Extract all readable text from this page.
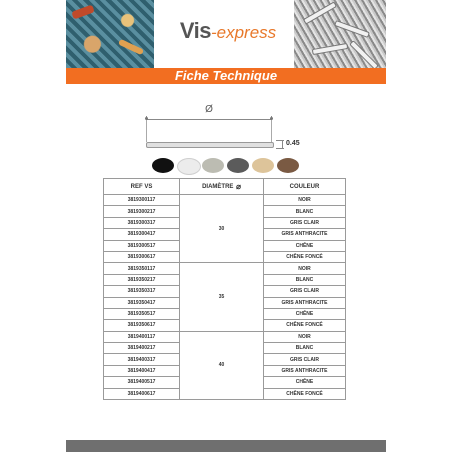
Vis-express
Fiche Technique
Ø
0.45
REF VS	DIAMÈTRE ⌀	COULEUR
3819300117	30	NOIR
3819300217		BLANC
3819300317		GRIS CLAIR
3819300417		GRIS ANTHRACITE
3819300517		CHÊNE
3819300617		CHÊNE FONCÉ
3819350117	35	NOIR
3819350217		BLANC
3819350317		GRIS CLAIR
3819350417		GRIS ANTHRACITE
3819350517		CHÊNE
3819350617		CHÊNE FONCÉ
3819400117	40	NOIR
3819400217		BLANC
3819400317		GRIS CLAIR
3819400417		GRIS ANTHRACITE
3819400517		CHÊNE
3819400617		CHÊNE FONCÉ
